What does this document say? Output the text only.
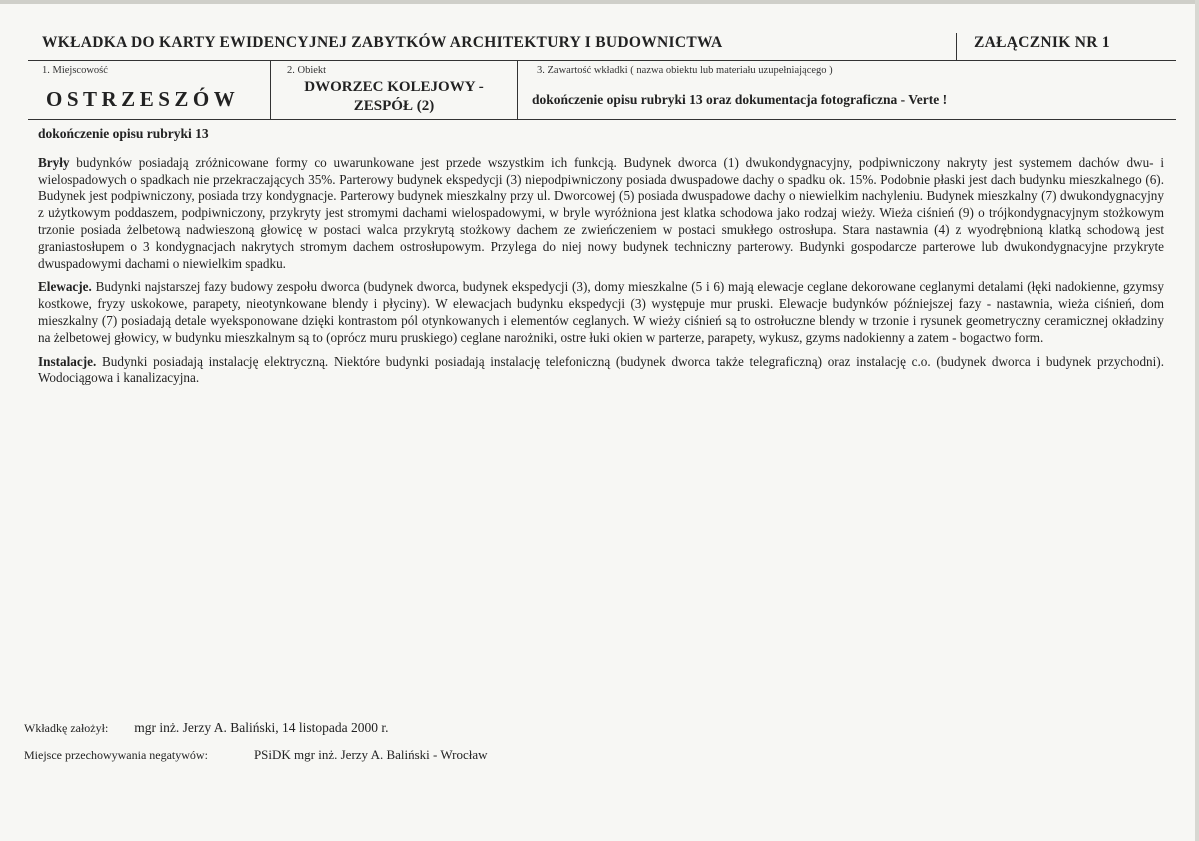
WKŁADKA DO KARTY EWIDENCYJNEJ ZABYTKÓW ARCHITEKTURY I BUDOWNICTWA	ZAŁĄCZNIK NR 1
1. Miejscowość
OSTRZESZÓW
2. Obiekt
DWORZEC KOLEJOWY -
ZESPÓŁ (2)
3. Zawartość wkładki ( nazwa obiektu lub materiału uzupełniającego )
dokończenie opisu rubryki 13 oraz dokumentacja fotograficzna - Verte !

dokończenie opisu rubryki 13

Bryły budynków posiadają zróżnicowane formy co uwarunkowane jest przede wszystkim ich funkcją. Budynek dworca (1) dwukondygnacyjny, podpiwniczony nakryty jest systemem dachów dwu- i wielospadowych o spadkach nie przekraczających 35%. Parterowy budynek ekspedycji (3) niepodpiwniczony posiada dwuspadowe dachy o spadku ok. 15%. Podobnie płaski jest dach budynku mieszkalnego (6). Budynek jest podpiwniczony, posiada trzy kondygnacje. Parterowy budynek mieszkalny przy ul. Dworcowej (5) posiada dwuspadowe dachy o niewielkim nachyleniu. Budynek mieszkalny (7) dwukondygnacyjny z użytkowym poddaszem, podpiwniczony, przykryty jest stromymi dachami wielospadowymi, w bryle wyróżniona jest klatka schodowa jako rodzaj wieży. Wieża ciśnień (9) o trójkondygnacyjnym stożkowym trzonie posiada żelbetową nadwieszoną głowicę w postaci walca przykrytą stożkowy dachem ze zwieńczeniem w postaci smukłego ostrosłupa. Stara nastawnia (4) z wyodrębnioną klatką schodową jest graniastosłupem o 3 kondygnacjach nakrytych stromym dachem ostrosłupowym. Przylega do niej nowy budynek techniczny parterowy. Budynki gospodarcze parterowe lub dwukondygnacyjne przykryte dwuspadowymi dachami o niewielkim spadku.

Elewacje. Budynki najstarszej fazy budowy zespołu dworca (budynek dworca, budynek ekspedycji (3), domy mieszkalne (5 i 6) mają elewacje ceglane dekorowane ceglanymi detalami (łęki nadokienne, gzymsy kostkowe, fryzy uskokowe, parapety, nieotynkowane blendy i płyciny). W elewacjach budynku ekspedycji (3) występuje mur pruski. Elewacje budynków późniejszej fazy - nastawnia, wieża ciśnień, dom mieszkalny (7) posiadają detale wyeksponowane dzięki kontrastom pól otynkowanych i elementów ceglanych. W wieży ciśnień są to ostrołuczne blendy w trzonie i rysunek geometryczny ceramicznej okładziny na żelbetowej głowicy, w budynku mieszkalnym są to (oprócz muru pruskiego) ceglane narożniki, ostre łuki okien w parterze, parapety, wykusz, gzyms nadokienny a zatem - bogactwo form.

Instalacje. Budynki posiadają instalację elektryczną. Niektóre budynki posiadają instalację telefoniczną (budynek dworca także telegraficzną) oraz instalację c.o. (budynek dworca i budynek przychodni). Wodociągowa i kanalizacyjna.

Wkładkę założył: mgr inż. Jerzy A. Baliński, 14 listopada 2000 r.
Miejsce przechowywania negatywów:	PSiDK mgr inż. Jerzy A. Baliński - Wrocław
